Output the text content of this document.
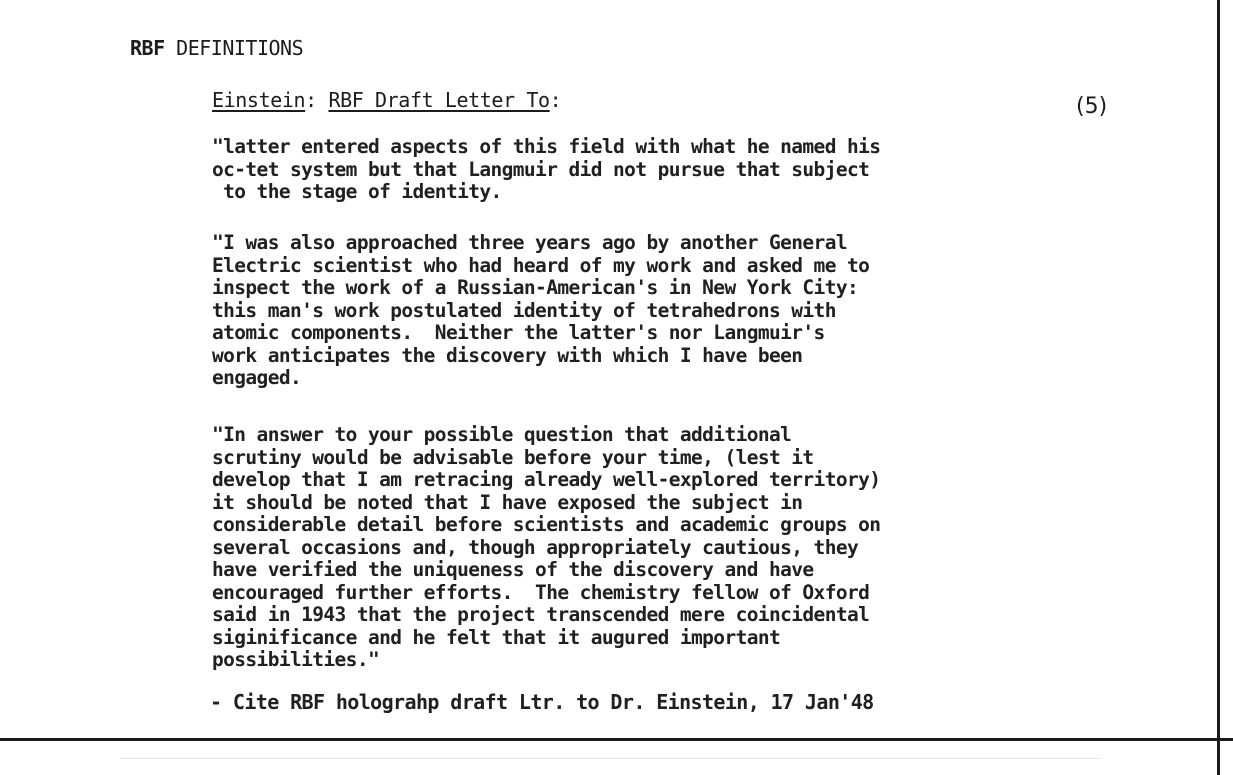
RBF DEFINITIONS
Einstein: RBF Draft Letter To:	(5)

"latter entered aspects of this field with what he named his
oc-tet system but that Langmuir did not pursue that subject
to the stage of identity.

"I was also approached three years ago by another General
Electric scientist who had heard of my work and asked me to
inspect the work of a Russian-American's in New York City:
this man's work postulated identity of tetrahedrons with
atomic components.  Neither the latter's nor Langmuir's
work anticipates the discovery with which I have been
engaged.

"In answer to your possible question that additional
scrutiny would be advisable before your time, (lest it
develop that I am retracing already well-explored territory)
it should be noted that I have exposed the subject in
considerable detail before scientists and academic groups on
several occasions and, though appropriately cautious, they
have verified the uniqueness of the discovery and have
encouraged further efforts.  The chemistry fellow of Oxford
said in 1943 that the project transcended mere coincidental
siginificance and he felt that it augured important
possibilities."

- Cite RBF holograhp draft Ltr. to Dr. Einstein, 17 Jan'48
